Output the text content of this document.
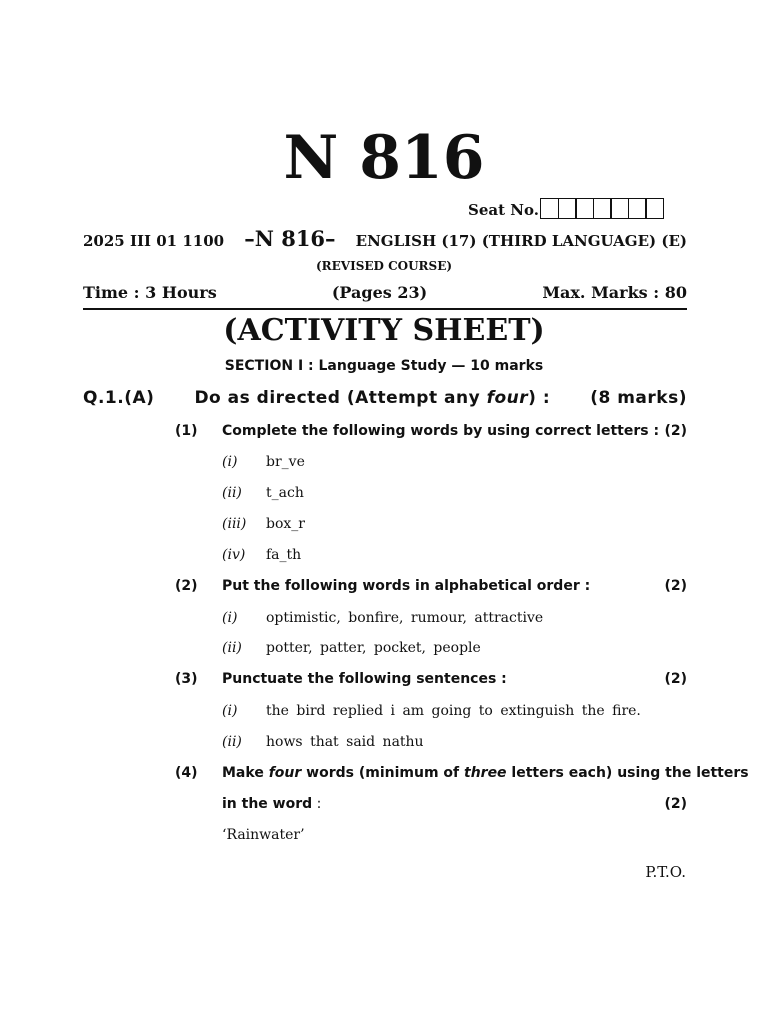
N 816
Seat No.
2025 III 01 1100 –N 816– ENGLISH (17) (THIRD LANGUAGE) (E)
(REVISED COURSE)
Time : 3 Hours	(Pages 23)	Max. Marks : 80
(ACTIVITY SHEET)
SECTION I : Language Study — 10 marks
Q.1.(A) Do as directed (Attempt any four) : (8 marks)
(1) Complete the following words by using correct letters : (2)
(i) br_ve
(ii) t_ach
(iii) box_r
(iv) fa_th
(2) Put the following words in alphabetical order :	(2)
(i) optimistic, bonfire, rumour, attractive
(ii) potter, patter, pocket, people
(3) Punctuate the following sentences :	(2)
(i) the bird replied i am going to extinguish the fire.
(ii) hows that said nathu
(4) Make four words (minimum of three letters each) using the letters
in the word :	(2)
‘Rainwater’
P.T.O.
